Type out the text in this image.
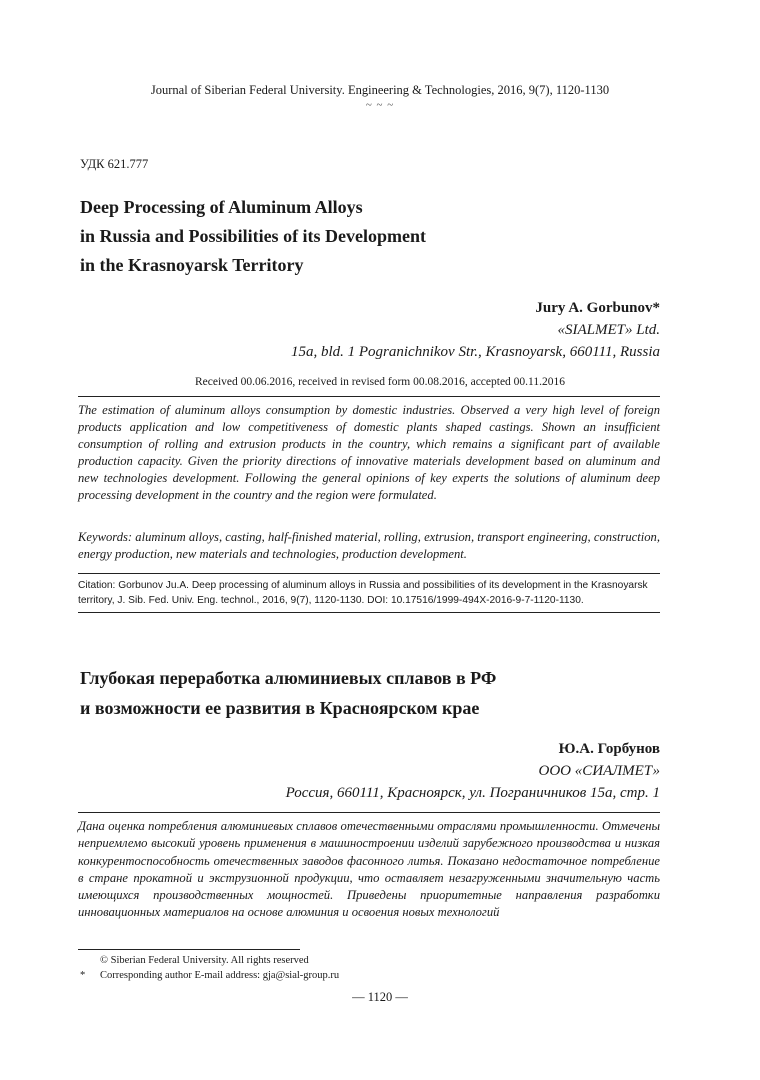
Journal of Siberian Federal University. Engineering & Technologies, 2016, 9(7), 1120-1130
~ ~ ~
УДК 621.777
Deep Processing of Aluminum Alloys
in Russia and Possibilities of its Development
in the Krasnoyarsk Territory
Jury A. Gorbunov*
«SIALMET» Ltd.
15a, bld. 1 Pogranichnikov Str., Krasnoyarsk, 660111, Russia
Received 00.06.2016, received in revised form 00.08.2016, accepted 00.11.2016
The estimation of aluminum alloys consumption by domestic industries. Observed a very high level of foreign products application and low competitiveness of domestic plants shaped castings. Shown an insufficient consumption of rolling and extrusion products in the country, which remains a significant part of available production capacity. Given the priority directions of innovative materials development based on aluminum and new technologies development. Following the general opinions of key experts the solutions of aluminum deep processing development in the country and the region were formulated.
Keywords: aluminum alloys, casting, half-finished material, rolling, extrusion, transport engineering, construction, energy production, new materials and technologies, production development.
Citation: Gorbunov Ju.A. Deep processing of aluminum alloys in Russia and possibilities of its development in the Krasnoyarsk territory, J. Sib. Fed. Univ. Eng. technol., 2016, 9(7), 1120-1130. DOI: 10.17516/1999-494X-2016-9-7-1120-1130.
Глубокая переработка алюминиевых сплавов в РФ
и возможности ее развития в Красноярском крае
Ю.А. Горбунов
ООО «СИАЛМЕТ»
Россия, 660111, Красноярск, ул. Пограничников 15а, стр. 1
Дана оценка потребления алюминиевых сплавов отечественными отраслями промышленности. Отмечены неприемлемо высокий уровень применения в машиностроении изделий зарубежного производства и низкая конкурентоспособность отечественных заводов фасонного литья. Показано недостаточное потребление в стране прокатной и экструзионной продукции, что оставляет незагруженными значительную часть имеющихся производственных мощностей. Приведены приоритетные направления разработки инновационных материалов на основе алюминия и освоения новых технологий
© Siberian Federal University. All rights reserved
* Corresponding author E-mail address: gja@sial-group.ru
— 1120 —
